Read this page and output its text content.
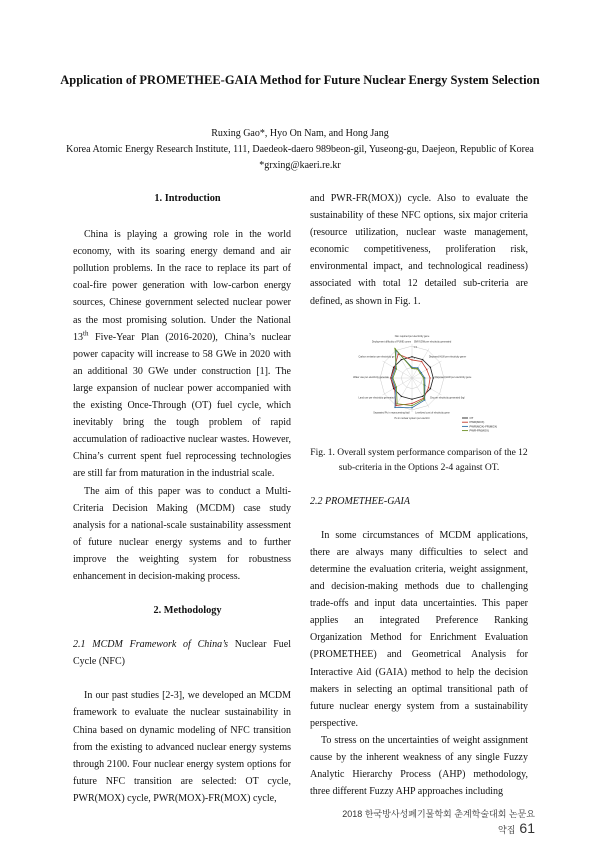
Application of PROMETHEE-GAIA Method for Future Nuclear Energy System Selection
Ruxing Gao*, Hyo On Nam, and Hong Jang
Korea Atomic Energy Research Institute, 111, Daedeok-daero 989beon-gil, Yuseong-gu, Daejeon, Republic of Korea
*grxing@kaeri.re.kr

1. Introduction

China is playing a growing role in the world economy, with its soaring energy demand and air pollution problems. In the race to replace its part of coal-fire power generation with low-carbon energy sources, Chinese government selected nuclear power as the most promising solution. Under the National 13th Five-Year Plan (2016-2020), China’s nuclear power capacity will increase to 58 GWe in 2020 with an additional 30 GWe under construction [1]. The large expansion of nuclear power accompanied with the existing Once-Through (OT) fuel cycle, which inevitably bring the tough problem of rapid accumulation of radioactive nuclear wastes. However, China’s current spent fuel reprocessing technologies are still far from maturation in the industrial scale.

The aim of this paper was to conduct a Multi-Criteria Decision Making (MCDM) case study analysis for a national-scale sustainability assessment of future nuclear energy systems and to further improve the weighting system for robustness enhancement in decision-making process.

2. Methodology

2.1 MCDM Framework of China’s Nuclear Fuel Cycle (NFC)

In our past studies [2-3], we developed an MCDM framework to evaluate the nuclear sustainability in China based on dynamic modeling of NFC transition from the existing to advanced nuclear energy systems through 2100. Four nuclear energy system options for future NFC transition are selected: OT cycle, PWR(MOX) cycle, PWR(MOX)-FR(MOX) cycle,

and PWR-FR(MOX)) cycle. Also to evaluate the sustainability of these NFC options, six major criteria (resource utilization, nuclear waste management, economic competitiveness, proliferation risk, environmental impact, and technological readiness) associated with total 12 detailed sub-criteria are defined, as shown in Fig. 1.

0.5
1
1.5
Nat. required per electricity gene
SNF/UDW per electricity generated
Disposed HLW per electricity gener
Disposed ILLW per electricity gene
Dry per electricity generated (kg/
Levelized cost of electricity gene
Pu in nuclear system per electrici
Separated Pu in reprocessing facil
Land use per electricity generated
Water use per electricity generate
Carbon emission per electricity ge
Deployment difficulty of PUNE comm
OT
PWR(MOX)
PWR(MOX)-FR(MOX)
PWR-FR(MOX)

Fig. 1. Overall system performance comparison of the 12 sub-criteria in the Options 2-4 against OT.

2.2 PROMETHEE-GAIA

In some circumstances of MCDM applications, there are always many difficulties to select and determine the evaluation criteria, weight assignment, and decision-making methods due to challenging trade-offs and input data uncertainties. This paper applies an integrated Preference Ranking Organization Method for Enrichment Evaluation (PROMETHEE) and Geometrical Analysis for Interactive Aid (GAIA) method to help the decision makers in selecting an optimal transitional path of future nuclear energy system from a sustainability perspective.

To stress on the uncertainties of weight assignment cause by the inherent weakness of any single Fuzzy Analytic Hierarchy Process (AHP) methodology, three different Fuzzy AHP approaches including

2018 한국방사성폐기물학회 춘계학술대회 논문요약집 61
